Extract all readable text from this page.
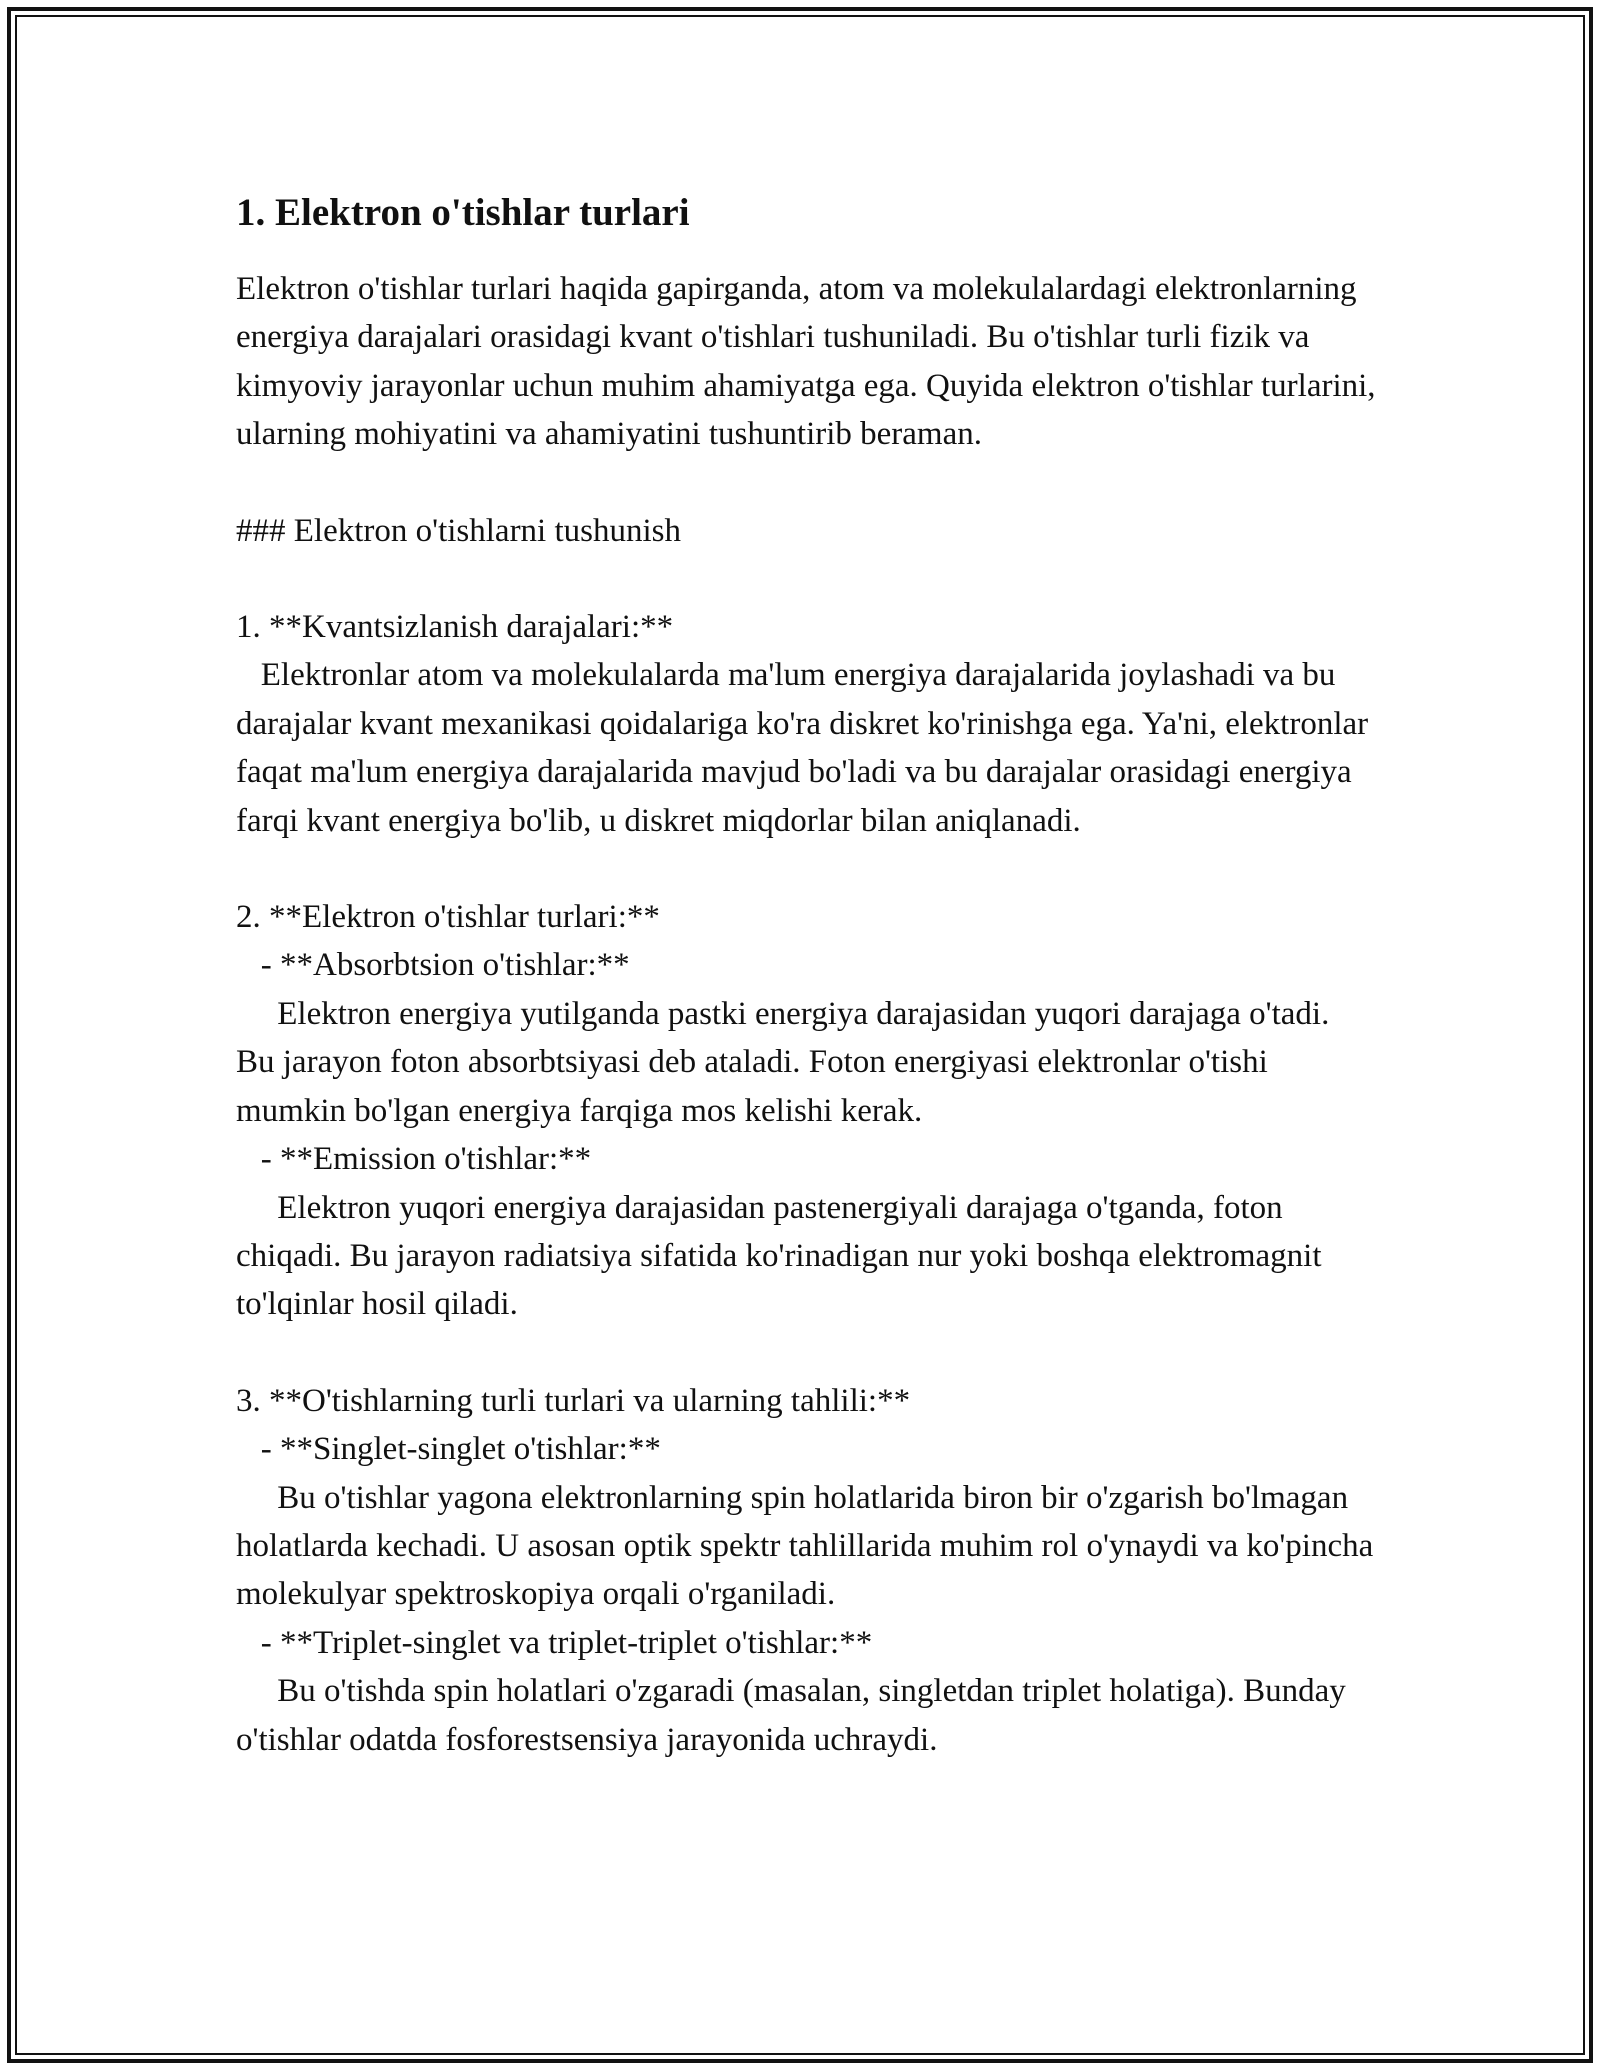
1. Elektron o'tishlar turlari

Elektron o'tishlar turlari haqida gapirganda, atom va molekulalardagi elektronlarning energiya darajalari orasidagi kvant o'tishlari tushuniladi. Bu o'tishlar turli fizik va kimyoviy jarayonlar uchun muhim ahamiyatga ega. Quyida elektron o'tishlar turlarini, ularning mohiyatini va ahamiyatini tushuntirib beraman.

### Elektron o'tishlarni tushunish

1. **Kvantsizlanish darajalari:**
Elektronlar atom va molekulalarda ma'lum energiya darajalarida joylashadi va bu darajalar kvant mexanikasi qoidalariga ko'ra diskret ko'rinishga ega. Ya'ni, elektronlar faqat ma'lum energiya darajalarida mavjud bo'ladi va bu darajalar orasidagi energiya farqi kvant energiya bo'lib, u diskret miqdorlar bilan aniqlanadi.

2. **Elektron o'tishlar turlari:**
- **Absorbtsion o'tishlar:**
Elektron energiya yutilganda pastki energiya darajasidan yuqori darajaga o'tadi. Bu jarayon foton absorbtsiyasi deb ataladi. Foton energiyasi elektronlar o'tishi mumkin bo'lgan energiya farqiga mos kelishi kerak.
- **Emission o'tishlar:**
Elektron yuqori energiya darajasidan pastenergiyali darajaga o'tganda, foton chiqadi. Bu jarayon radiatsiya sifatida ko'rinadigan nur yoki boshqa elektromagnit to'lqinlar hosil qiladi.

3. **O'tishlarning turli turlari va ularning tahlili:**
- **Singlet-singlet o'tishlar:**
Bu o'tishlar yagona elektronlarning spin holatlarida biron bir o'zgarish bo'lmagan holatlarda kechadi. U asosan optik spektr tahlillarida muhim rol o'ynaydi va ko'pincha molekulyar spektroskopiya orqali o'rganiladi.
- **Triplet-singlet va triplet-triplet o'tishlar:**
Bu o'tishda spin holatlari o'zgaradi (masalan, singletdan triplet holatiga). Bunday o'tishlar odatda fosforestsensiya jarayonida uchraydi.
